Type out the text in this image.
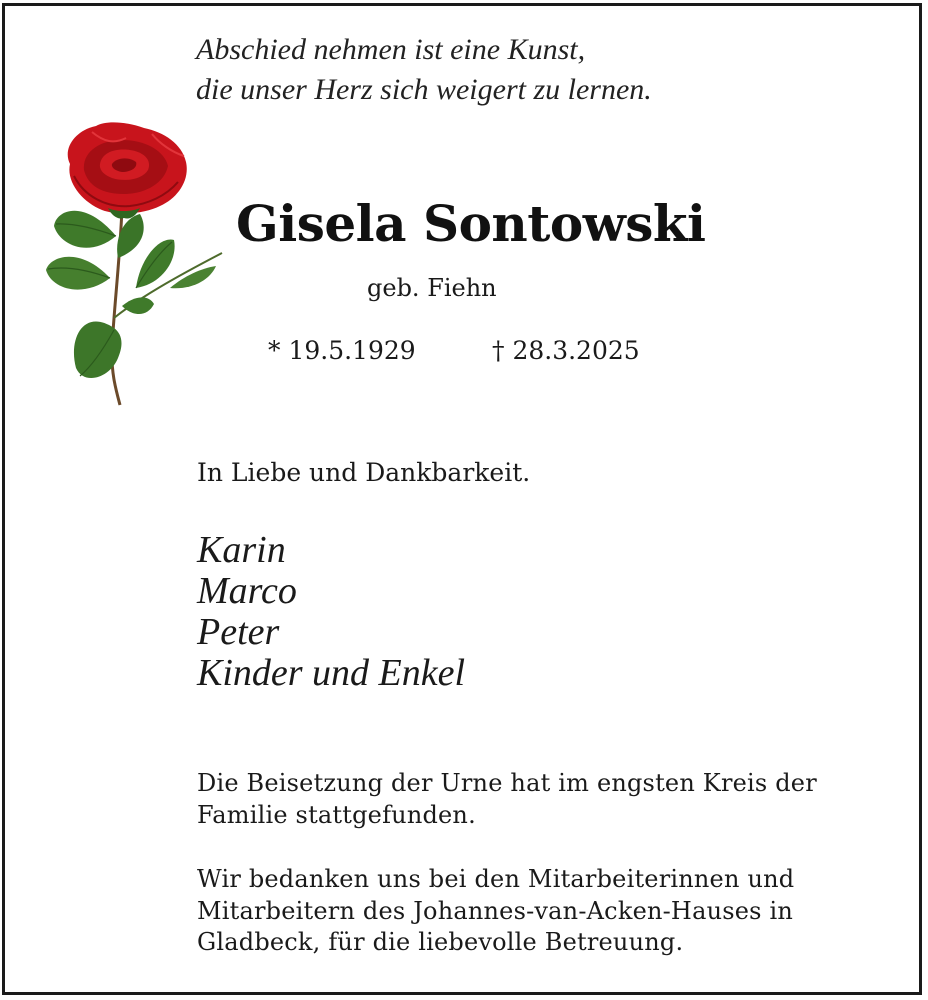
Abschied nehmen ist eine Kunst,
die unser Herz sich weigert zu lernen.
Gisela Sontowski
geb. Fiehn
* 19.5.1929	† 28.3.2025
In Liebe und Dankbarkeit.
Karin
Marco
Peter
Kinder und Enkel
Die Beisetzung der Urne hat im engsten Kreis der
Familie stattgefunden.
Wir bedanken uns bei den Mitarbeiterinnen und
Mitarbeitern des Johannes-van-Acken-Hauses in
Gladbeck, für die liebevolle Betreuung.
